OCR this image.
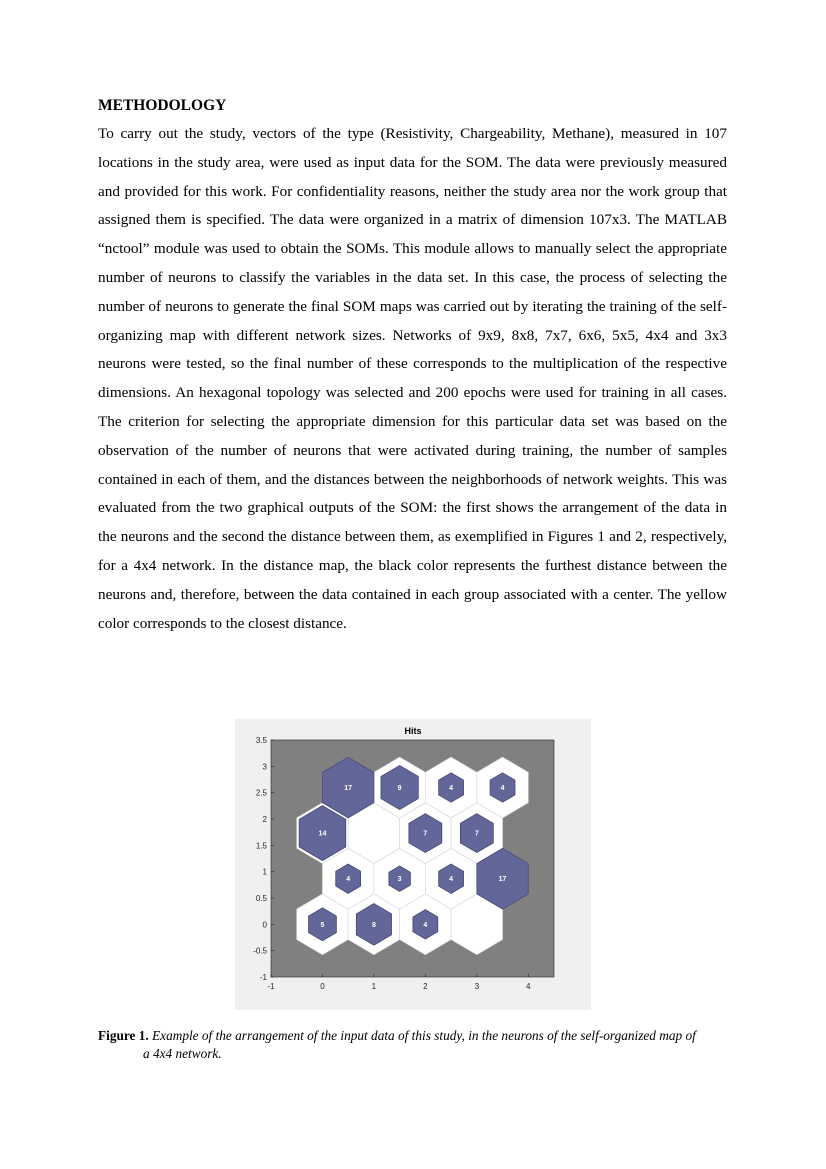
METHODOLOGY

To carry out the study, vectors of the type (Resistivity, Chargeability, Methane), measured in 107 locations in the study area, were used as input data for the SOM. The data were previously measured and provided for this work. For confidentiality reasons, neither the study area nor the work group that assigned them is specified. The data were organized in a matrix of dimension 107x3. The MATLAB “nctool” module was used to obtain the SOMs. This module allows to manually select the appropriate number of neurons to classify the variables in the data set. In this case, the process of selecting the number of neurons to generate the final SOM maps was carried out by iterating the training of the self-organizing map with different network sizes. Networks of 9x9, 8x8, 7x7, 6x6, 5x5, 4x4 and 3x3 neurons were tested, so the final number of these corresponds to the multiplication of the respective dimensions. An hexagonal topology was selected and 200 epochs were used for training in all cases. The criterion for selecting the appropriate dimension for this particular data set was based on the observation of the number of neurons that were activated during training, the number of samples contained in each of them, and the distances between the neighborhoods of network weights. This was evaluated from the two graphical outputs of the SOM: the first shows the arrangement of the data in the neurons and the second the distance between them, as exemplified in Figures 1 and 2, respectively, for a 4x4 network. In the distance map, the black color represents the furthest distance between the neurons and, therefore, between the data contained in each group associated with a center. The yellow color corresponds to the closest distance.

Hits
5	8	4
4	3	4	17
14	7	7
17	9	4	4
-1	0	1	2	3	4
3.5
3
2.5
2
1.5
1
0.5
0
-0.5
-1
Figure 1. Example of the arrangement of the input data of this study, in the neurons of the self-organized map of
a 4x4 network.
